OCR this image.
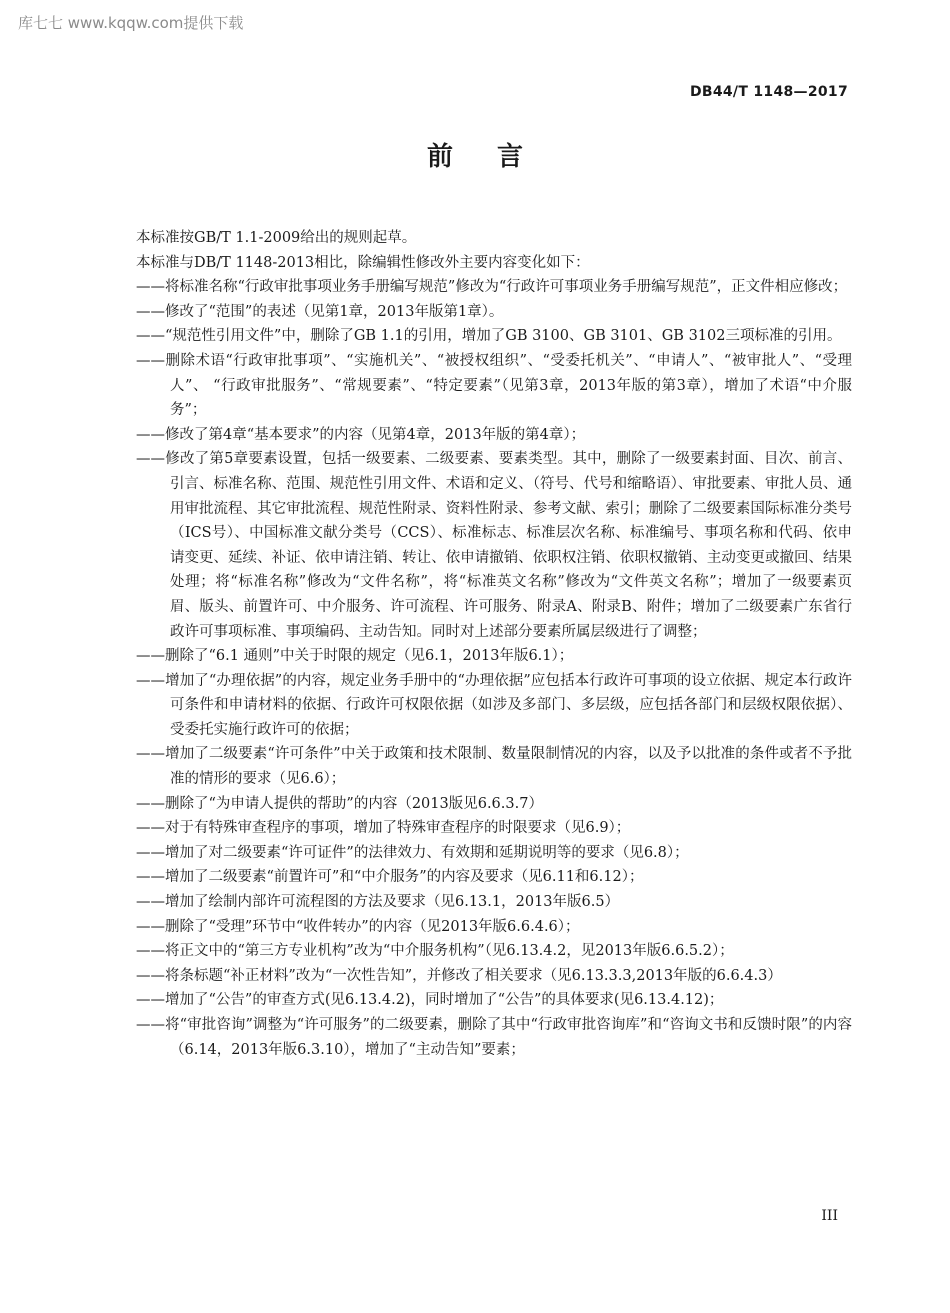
库七七 www.kqqw.com提供下载
DB44/T 1148—2017
前言

本标准按GB/T 1.1-2009给出的规则起草。

本标准与DB/T 1148-2013相比，除编辑性修改外主要内容变化如下：

——将标准名称“行政审批事项业务手册编写规范”修改为“行政许可事项业务手册编写规范”，正文件相应修改；

——修改了“范围”的表述（见第1章，2013年版第1章）。

——“规范性引用文件”中，删除了GB 1.1的引用，增加了GB 3100、GB 3101、GB 3102三项标准的引用。

——删除术语“行政审批事项”、“实施机关”、“被授权组织”、“受委托机关”、“申请人”、“被审批人”、“受理人”、 “行政审批服务”、“常规要素”、“特定要素”（见第3章，2013年版的第3章），增加了术语“中介服务”；

——修改了第4章“基本要求”的内容（见第4章，2013年版的第4章）；

——修改了第5章要素设置，包括一级要素、二级要素、要素类型。其中，删除了一级要素封面、目次、前言、引言、标准名称、范围、规范性引用文件、术语和定义、（符号、代号和缩略语）、审批要素、审批人员、通用审批流程、其它审批流程、规范性附录、资料性附录、参考文献、索引；删除了二级要素国际标准分类号（ICS号）、中国标准文献分类号（CCS）、标准标志、标准层次名称、标准编号、事项名称和代码、依申请变更、延续、补证、依申请注销、转让、依申请撤销、依职权注销、依职权撤销、主动变更或撤回、结果处理；将“标准名称”修改为“文件名称”，将“标准英文名称”修改为“文件英文名称”；增加了一级要素页眉、版头、前置许可、中介服务、许可流程、许可服务、附录A、附录B、附件；增加了二级要素广东省行政许可事项标准、事项编码、主动告知。同时对上述部分要素所属层级进行了调整；

——删除了“6.1 通则”中关于时限的规定（见6.1，2013年版6.1）；

——增加了“办理依据”的内容，规定业务手册中的“办理依据”应包括本行政许可事项的设立依据、规定本行政许可条件和申请材料的依据、行政许可权限依据（如涉及多部门、多层级，应包括各部门和层级权限依据）、受委托实施行政许可的依据；

——增加了二级要素“许可条件”中关于政策和技术限制、数量限制情况的内容，以及予以批准的条件或者不予批准的情形的要求（见6.6）；

——删除了“为申请人提供的帮助”的内容（2013版见6.6.3.7）

——对于有特殊审查程序的事项，增加了特殊审查程序的时限要求（见6.9）；

——增加了对二级要素“许可证件”的法律效力、有效期和延期说明等的要求（见6.8）；

——增加了二级要素“前置许可”和“中介服务”的内容及要求（见6.11和6.12）；

——增加了绘制内部许可流程图的方法及要求（见6.13.1，2013年版6.5）

——删除了“受理”环节中“收件转办”的内容（见2013年版6.6.4.6）；

——将正文中的“第三方专业机构”改为“中介服务机构”（见6.13.4.2，见2013年版6.6.5.2）；

——将条标题“补正材料”改为“一次性告知”，并修改了相关要求（见6.13.3.3,2013年版的6.6.4.3）

——增加了“公告”的审查方式(见6.13.4.2)，同时增加了“公告”的具体要求(见6.13.4.12)；

——将“审批咨询”调整为“许可服务”的二级要素，删除了其中“行政审批咨询库”和“咨询文书和反馈时限”的内容（6.14，2013年版6.3.10），增加了“主动告知”要素；

III
